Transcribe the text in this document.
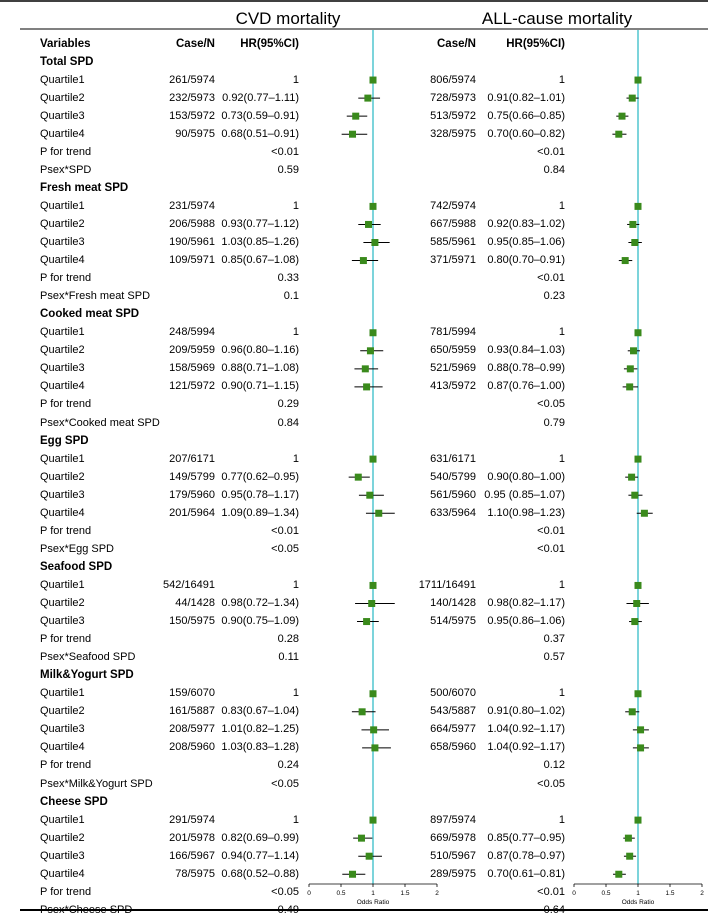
0	0.5	1	1.5	2
Odds Ratio
0	0.5	1	1.5	2
Odds Ratio
CVD mortality	ALL-cause mortality
Variables	Case/N HR(95%CI)	Case/N	HR(95%CI)
Total SPD
Quartile1	261/5974	1	806/5974	1
Quartile2	232/5973 0.92(0.77–1.11)	728/5973 0.91(0.82–1.01)
Quartile3	153/5972 0.73(0.59–0.91)	513/5972 0.75(0.66–0.85)
Quartile4	90/5975 0.68(0.51–0.91)	328/5975 0.70(0.60–0.82)
P for trend	<0.01	<0.01
Psex*SPD	0.59	0.84
Fresh meat SPD
Quartile1	231/5974	1	742/5974	1
Quartile2	206/5988 0.93(0.77–1.12)	667/5988 0.92(0.83–1.02)
Quartile3	190/5961 1.03(0.85–1.26)	585/5961 0.95(0.85–1.06)
Quartile4	109/5971 0.85(0.67–1.08)	371/5971 0.80(0.70–0.91)
P for trend	0.33	<0.01
Psex*Fresh meat SPD	0.1	0.23
Cooked meat SPD
Quartile1	248/5994	1	781/5994	1
Quartile2	209/5959 0.96(0.80–1.16)	650/5959 0.93(0.84–1.03)
Quartile3	158/5969 0.88(0.71–1.08)	521/5969 0.88(0.78–0.99)
Quartile4	121/5972 0.90(0.71–1.15)	413/5972 0.87(0.76–1.00)
P for trend	0.29	<0.05
Psex*Cooked meat SPD	0.84	0.79
Egg SPD
Quartile1	207/6171	1	631/6171	1
Quartile2	149/5799 0.77(0.62–0.95)	540/5799 0.90(0.80–1.00)
Quartile3	179/5960 0.95(0.78–1.17)	561/5960 0.95 (0.85–1.07)
Quartile4	201/5964 1.09(0.89–1.34)	633/5964 1.10(0.98–1.23)
P for trend	<0.01	<0.01
Psex*Egg SPD	<0.05	<0.01
Seafood SPD
Quartile1	542/16491	1	1711/16491	1
Quartile2	44/1428 0.98(0.72–1.34)	140/1428 0.98(0.82–1.17)
Quartile3	150/5975 0.90(0.75–1.09)	514/5975 0.95(0.86–1.06)
P for trend	0.28	0.37
Psex*Seafood SPD	0.11	0.57
Milk&Yogurt SPD
Quartile1	159/6070	1	500/6070	1
Quartile2	161/5887 0.83(0.67–1.04)	543/5887 0.91(0.80–1.02)
Quartile3	208/5977 1.01(0.82–1.25)	664/5977 1.04(0.92–1.17)
Quartile4	208/5960 1.03(0.83–1.28)	658/5960 1.04(0.92–1.17)
P for trend	0.24	0.12
Psex*Milk&Yogurt SPD	<0.05	<0.05
Cheese SPD
Quartile1	291/5974	1	897/5974	1
Quartile2	201/5978 0.82(0.69–0.99)	669/5978 0.85(0.77–0.95)
Quartile3	166/5967 0.94(0.77–1.14)	510/5967 0.87(0.78–0.97)
Quartile4	78/5975 0.68(0.52–0.88)	289/5975 0.70(0.61–0.81)
P for trend	<0.05	<0.01
Psex*Cheese SPD	0.49	0.64
